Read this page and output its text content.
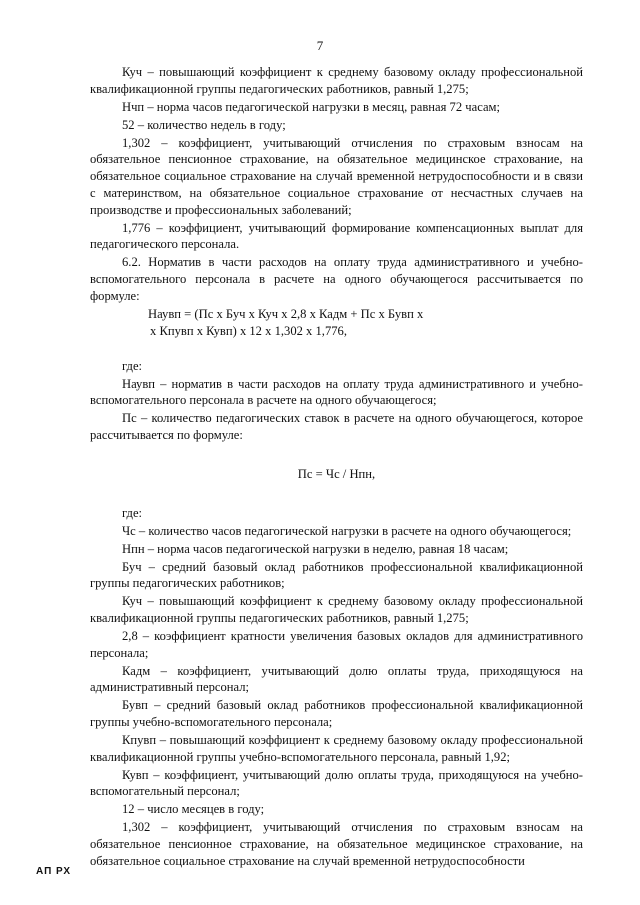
7

Куч – повышающий коэффициент к среднему базовому окладу профессиональной квалификационной группы педагогических работников, равный 1,275;

Нчп – норма часов педагогической нагрузки в месяц, равная 72 часам;

52 – количество недель в году;

1,302 – коэффициент, учитывающий отчисления по страховым взносам на обязательное пенсионное страхование, на обязательное медицинское страхование, на обязательное социальное страхование на случай временной нетрудоспособности и в связи с материнством, на обязательное социальное страхование от несчастных случаев на производстве и профессиональных заболеваний;

1,776 – коэффициент, учитывающий формирование компенсационных выплат для педагогического персонала.

6.2. Норматив в части расходов на оплату труда административного и учебно-вспомогательного персонала в расчете на одного обучающегося рассчитывается по формуле:

Наувп = (Пс х Буч х Куч х 2,8 х Кадм + Пс х Бувп х
х Кпувп х Кувп) х 12 х 1,302 х 1,776,

где:

Наувп – норматив в части расходов на оплату труда административного и учебно-вспомогательного персонала в расчете на одного обучающегося;

Пс – количество педагогических ставок в расчете на одного обучающегося, которое рассчитывается по формуле:

Пс = Чс / Нпн,

где:

Чс – количество часов педагогической нагрузки в расчете на одного обучающегося;

Нпн – норма часов педагогической нагрузки в неделю, равная 18 часам;

Буч – средний базовый оклад работников профессиональной квалификационной группы педагогических работников;

Куч – повышающий коэффициент к среднему базовому окладу профессиональной квалификационной группы педагогических работников, равный 1,275;

2,8 – коэффициент кратности увеличения базовых окладов для административного персонала;

Кадм – коэффициент, учитывающий долю оплаты труда, приходящуюся на административный персонал;

Бувп – средний базовый оклад работников профессиональной квалификационной группы учебно-вспомогательного персонала;

Кпувп – повышающий коэффициент к среднему базовому окладу профессиональной квалификационной группы учебно-вспомогательного персонала, равный 1,92;

Кувп – коэффициент, учитывающий долю оплаты труда, приходящуюся на учебно-вспомогательный персонал;

12 – число месяцев в году;

1,302 – коэффициент, учитывающий отчисления по страховым взносам на обязательное пенсионное страхование, на обязательное медицинское страхование, на обязательное социальное страхование на случай временной нетрудоспособности

АП РХ
